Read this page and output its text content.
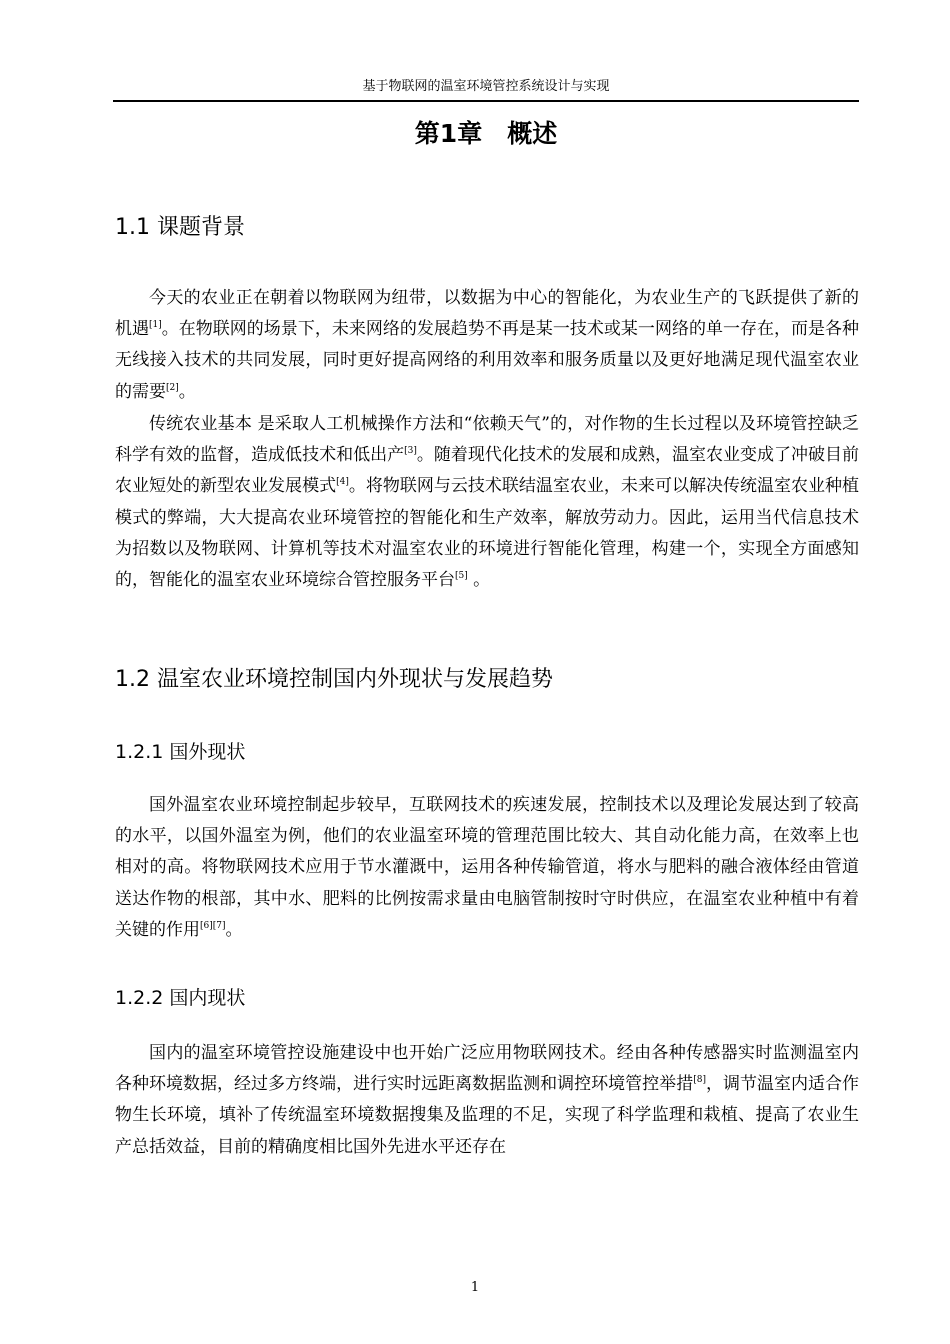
基于物联网的温室环境管控系统设计与实现
第1章　概述
1.1 课题背景

今天的农业正在朝着以物联网为纽带，以数据为中心的智能化，为农业生产的飞跃提供了新的机遇[1]。在物联网的场景下，未来网络的发展趋势不再是某一技术或某一网络的单一存在，而是各种无线接入技术的共同发展，同时更好提高网络的利用效率和服务质量以及更好地满足现代温室农业的需要[2]。

传统农业基本 是采取人工机械操作方法和“依赖天气”的，对作物的生长过程以及环境管控缺乏科学有效的监督，造成低技术和低出产[3]。随着现代化技术的发展和成熟，温室农业变成了冲破目前农业短处的新型农业发展模式[4]。将物联网与云技术联结温室农业，未来可以解决传统温室农业种植模式的弊端，大大提高农业环境管控的智能化和生产效率，解放劳动力。因此，运用当代信息技术为招数以及物联网、计算机等技术对温室农业的环境进行智能化管理，构建一个，实现全方面感知的，智能化的温室农业环境综合管控服务平台[5] 。

1.2 温室农业环境控制国内外现状与发展趋势
1.2.1 国外现状

国外温室农业环境控制起步较早，互联网技术的疾速发展，控制技术以及理论发展达到了较高的水平，以国外温室为例，他们的农业温室环境的管理范围比较大、其自动化能力高，在效率上也相对的高。将物联网技术应用于节水灌溉中，运用各种传输管道，将水与肥料的融合液体经由管道送达作物的根部，其中水、肥料的比例按需求量由电脑管制按时守时供应，在温室农业种植中有着关键的作用[6][7]。

1.2.2 国内现状

国内的温室环境管控设施建设中也开始广泛应用物联网技术。经由各种传感器实时监测温室内各种环境数据，经过多方终端，进行实时远距离数据监测和调控环境管控举措[8]，调节温室内适合作物生长环境，填补了传统温室环境数据搜集及监理的不足，实现了科学监理和栽植、提高了农业生产总括效益，目前的精确度相比国外先进水平还存在

1
